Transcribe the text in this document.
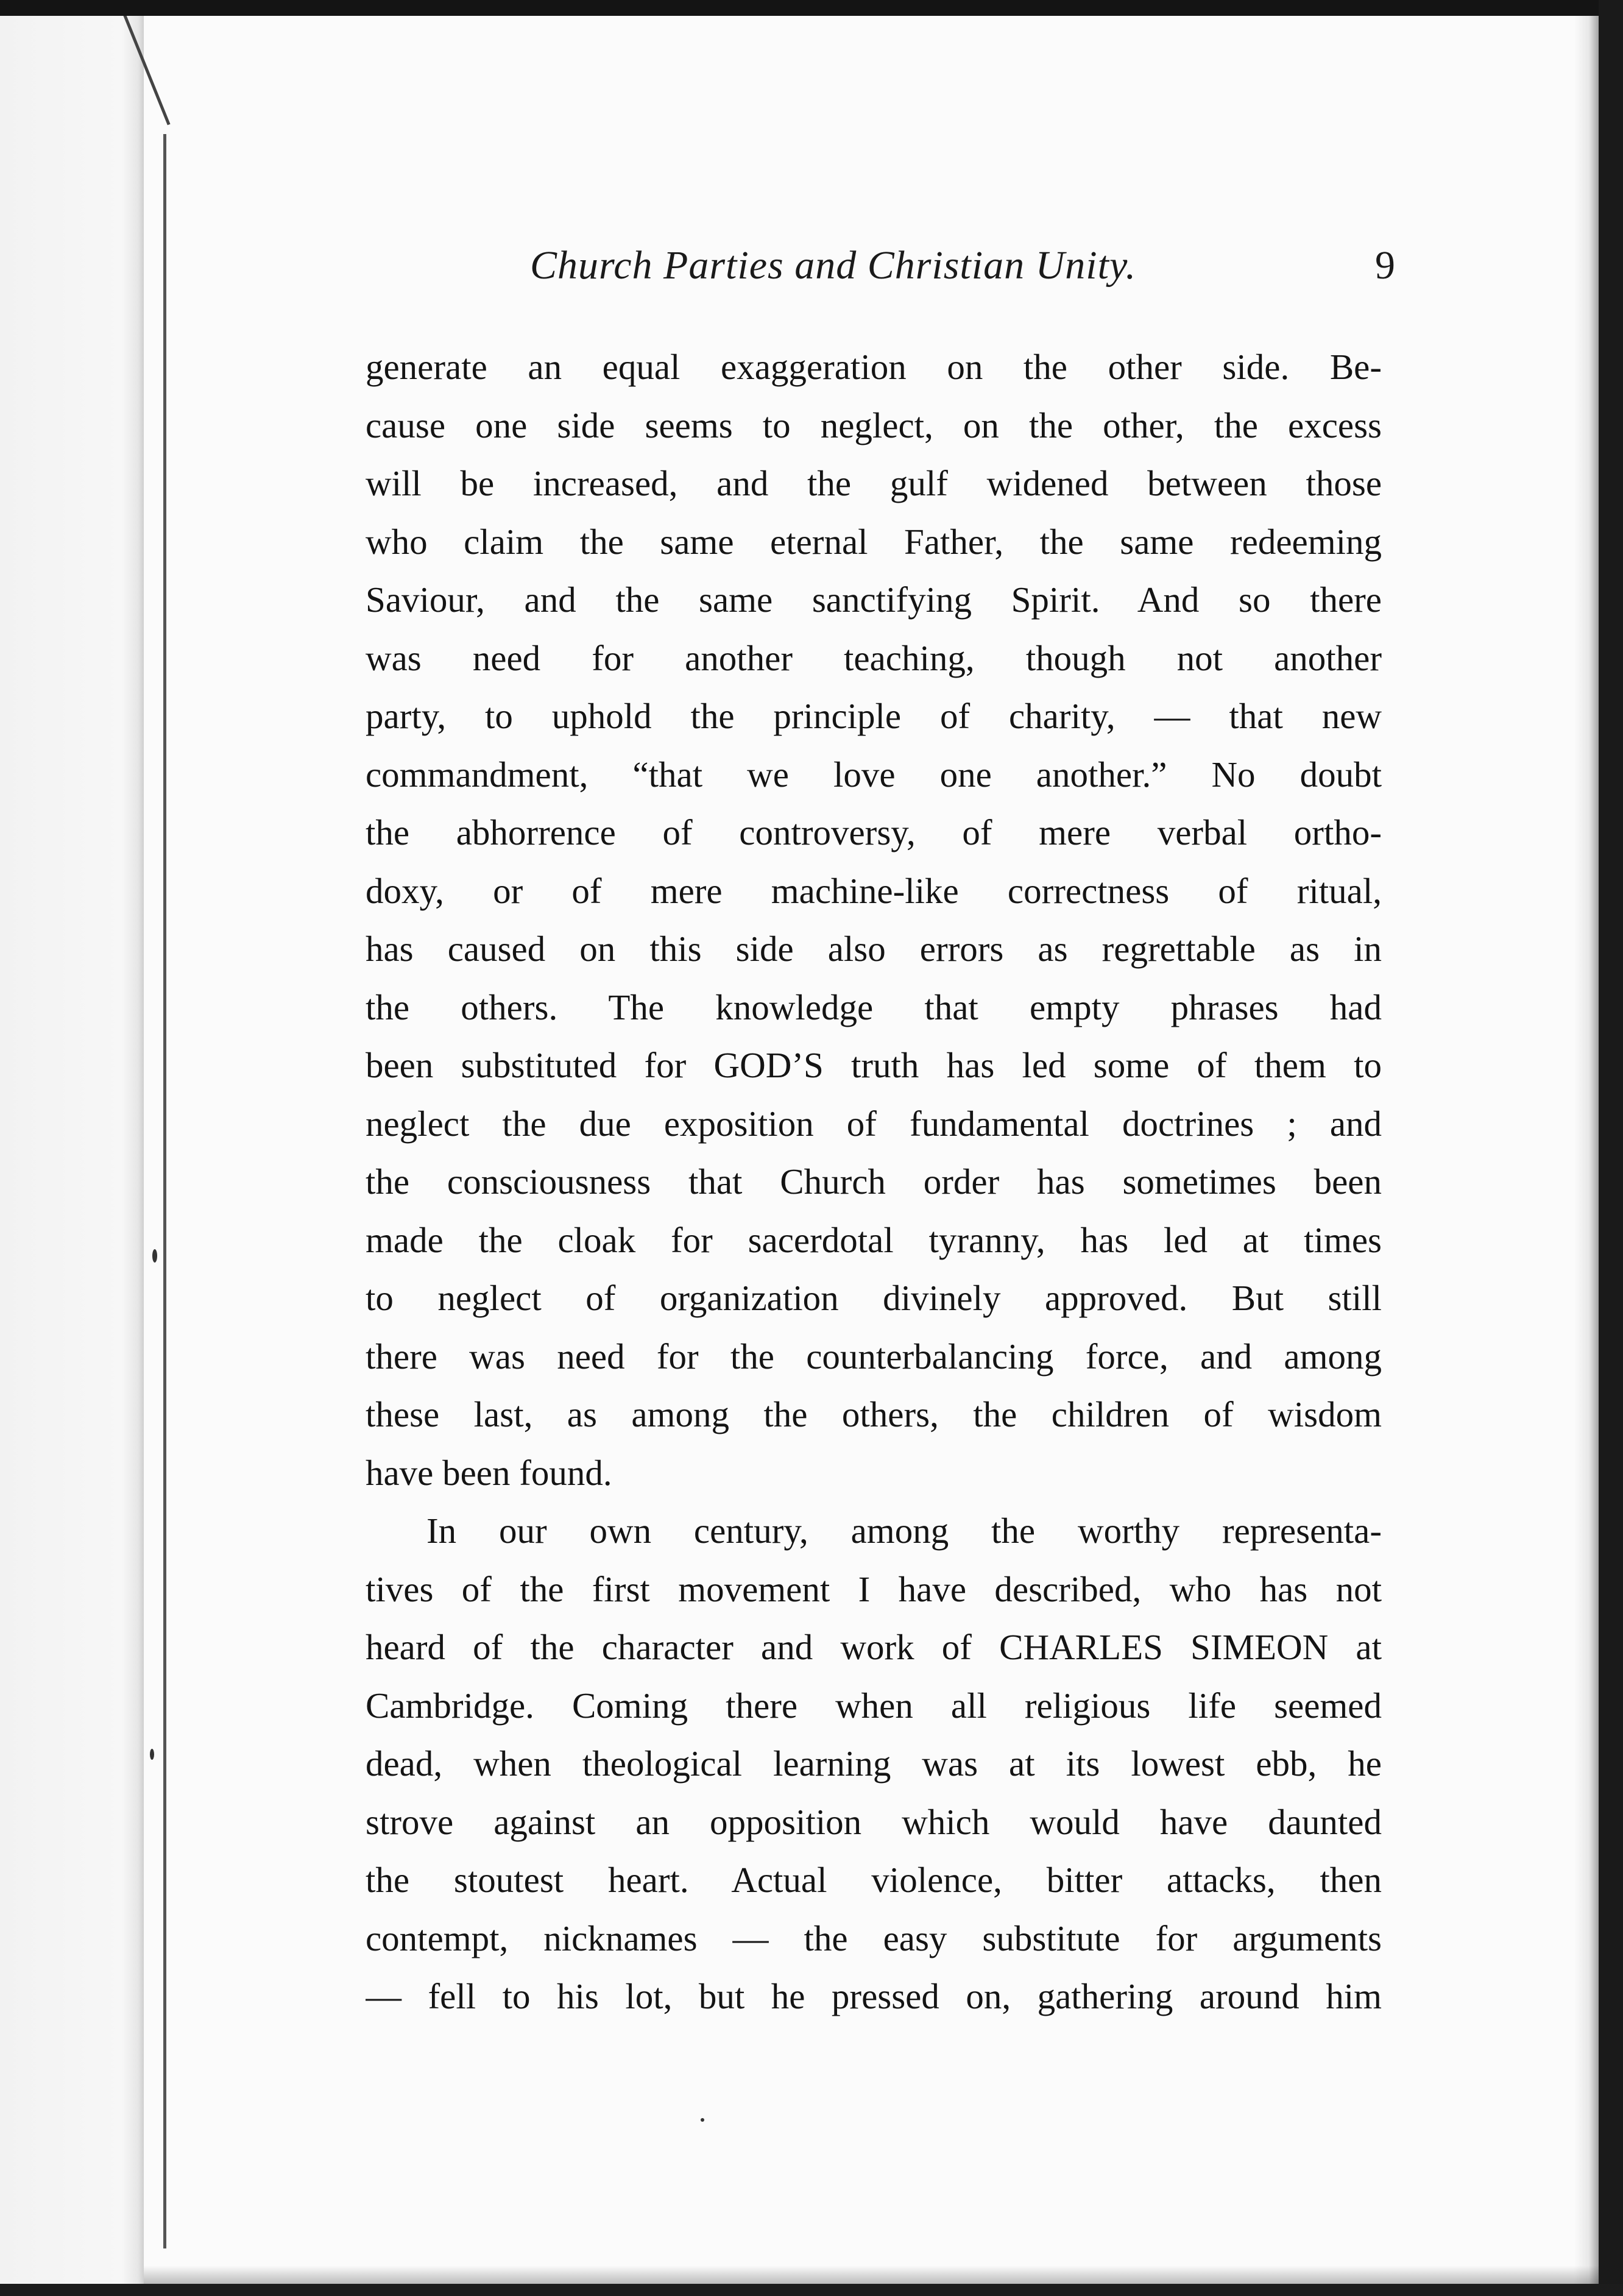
Church Parties and Christian Unity.	9
generate an equal exaggeration on the other side. Be-
cause one side seems to neglect, on the other, the excess
will be increased, and the gulf widened between those
who claim the same eternal Father, the same redeeming
Saviour, and the same sanctifying Spirit. And so there
was need for another teaching, though not another
party, to uphold the principle of charity, — that new
commandment, “that we love one another.” No doubt
the abhorrence of controversy, of mere verbal ortho-
doxy, or of mere machine-like correctness of ritual,
has caused on this side also errors as regrettable as in
the others. The knowledge that empty phrases had
been substituted for GOD’S truth has led some of them to
neglect the due exposition of fundamental doctrines ; and
the consciousness that Church order has sometimes been
made the cloak for sacerdotal tyranny, has led at times
to neglect of organization divinely approved. But still
there was need for the counterbalancing force, and among
these last, as among the others, the children of wisdom
have been found.
In our own century, among the worthy representa-
tives of the first movement I have described, who has not
heard of the character and work of CHARLES SIMEON at
Cambridge. Coming there when all religious life seemed
dead, when theological learning was at its lowest ebb, he
strove against an opposition which would have daunted
the stoutest heart. Actual violence, bitter attacks, then
contempt, nicknames — the easy substitute for arguments
— fell to his lot, but he pressed on, gathering around him
